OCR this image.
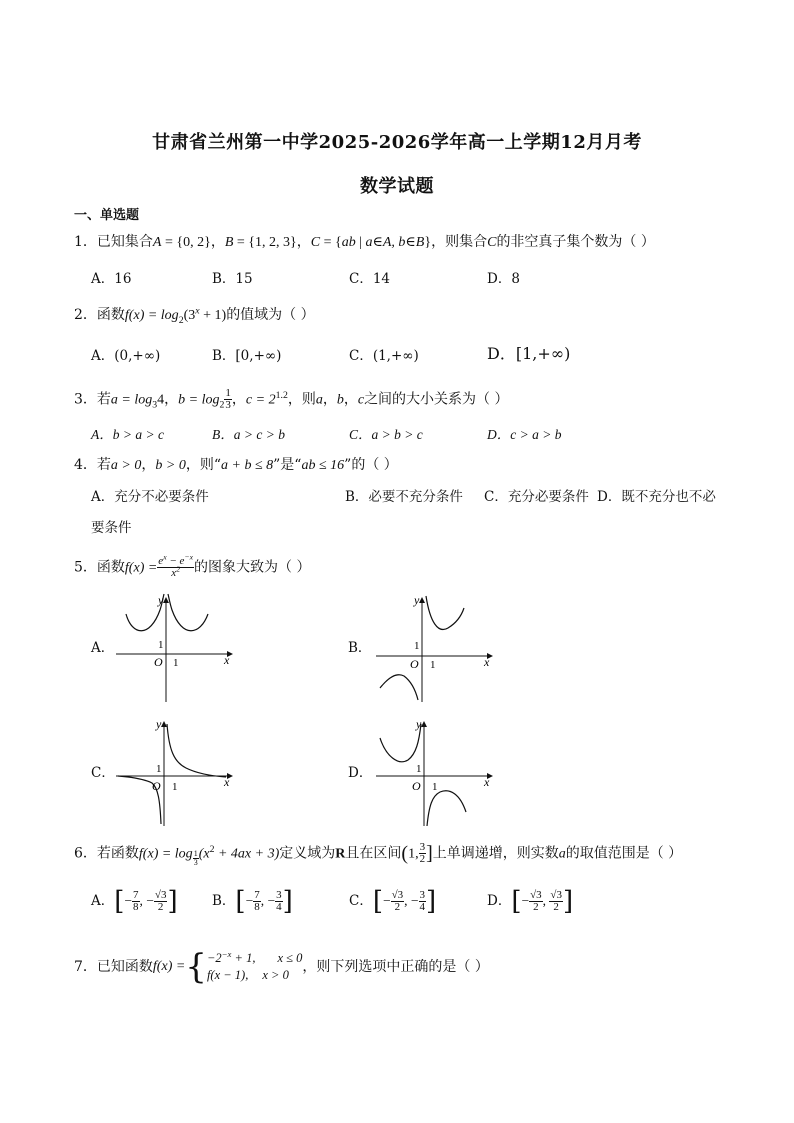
甘肃省兰州第一中学2025-2026学年高一上学期12月月考
数学试题
一、单选题
1．已知集合A = {0, 2}，B = {1, 2, 3}，C = {ab | a∈A, b∈B}，则集合C的非空真子集个数为（ ）
A．16	B．15	C．14	D．8
2．函数$f(x) = \log_2(3^x + 1)$的值域为（ ）
A．(0,+∞)	B．[0,+∞)	C．(1,+∞)	D．[1,+∞)
3．若$a = \log_34$，$b = \log_2 \frac{1}{3}$ ，$c = 2^{1.2}$，则a，b，c之间的大小关系为（ ）
A．b > a > c	B．a > c > b	C．a > b > c	D．c > a > b
4．若a > 0，b > 0，则“a + b ≤ 8”是“ab ≤ 16”的（ ）
A．充分不必要条件	B．必要不充分条件 C．充分必要条件 D．既不充分也不必
要条件
5．函数$f(x) = \frac{e^x - e^{-x}}{x^2}$ 的图象大致为（ ）
A．	B．
C．	D．
y
x
O 1
1
y
x
O 1
1
y
x
O 1
1
y
x
O 1
1
6．若函数f(x) = log $_{\frac{1}{3}}$ $(x^2 + 4ax + 3)$定义域为R且在区间(1, $\frac{3}{2}$ ]上单调递增，则实数a的取值范围是（ ）
A．[− $\frac{7}{8}$ , − $\frac{√3}{2}$ ]	B．[− $\frac{7}{8}$ , − $\frac{3}{4}$ ]	C．[− $\frac{√3}{2}$ , − $\frac{3}{4}$ ]	D．[− $\frac{√3}{2}$ , $\frac{√3}{2}$ ]
7．已知函数f(x) ={ $-2^{-x} + 1$, x ≤ 0
f(x − 1), x > 0 ，则下列选项中正确的是（ ）
